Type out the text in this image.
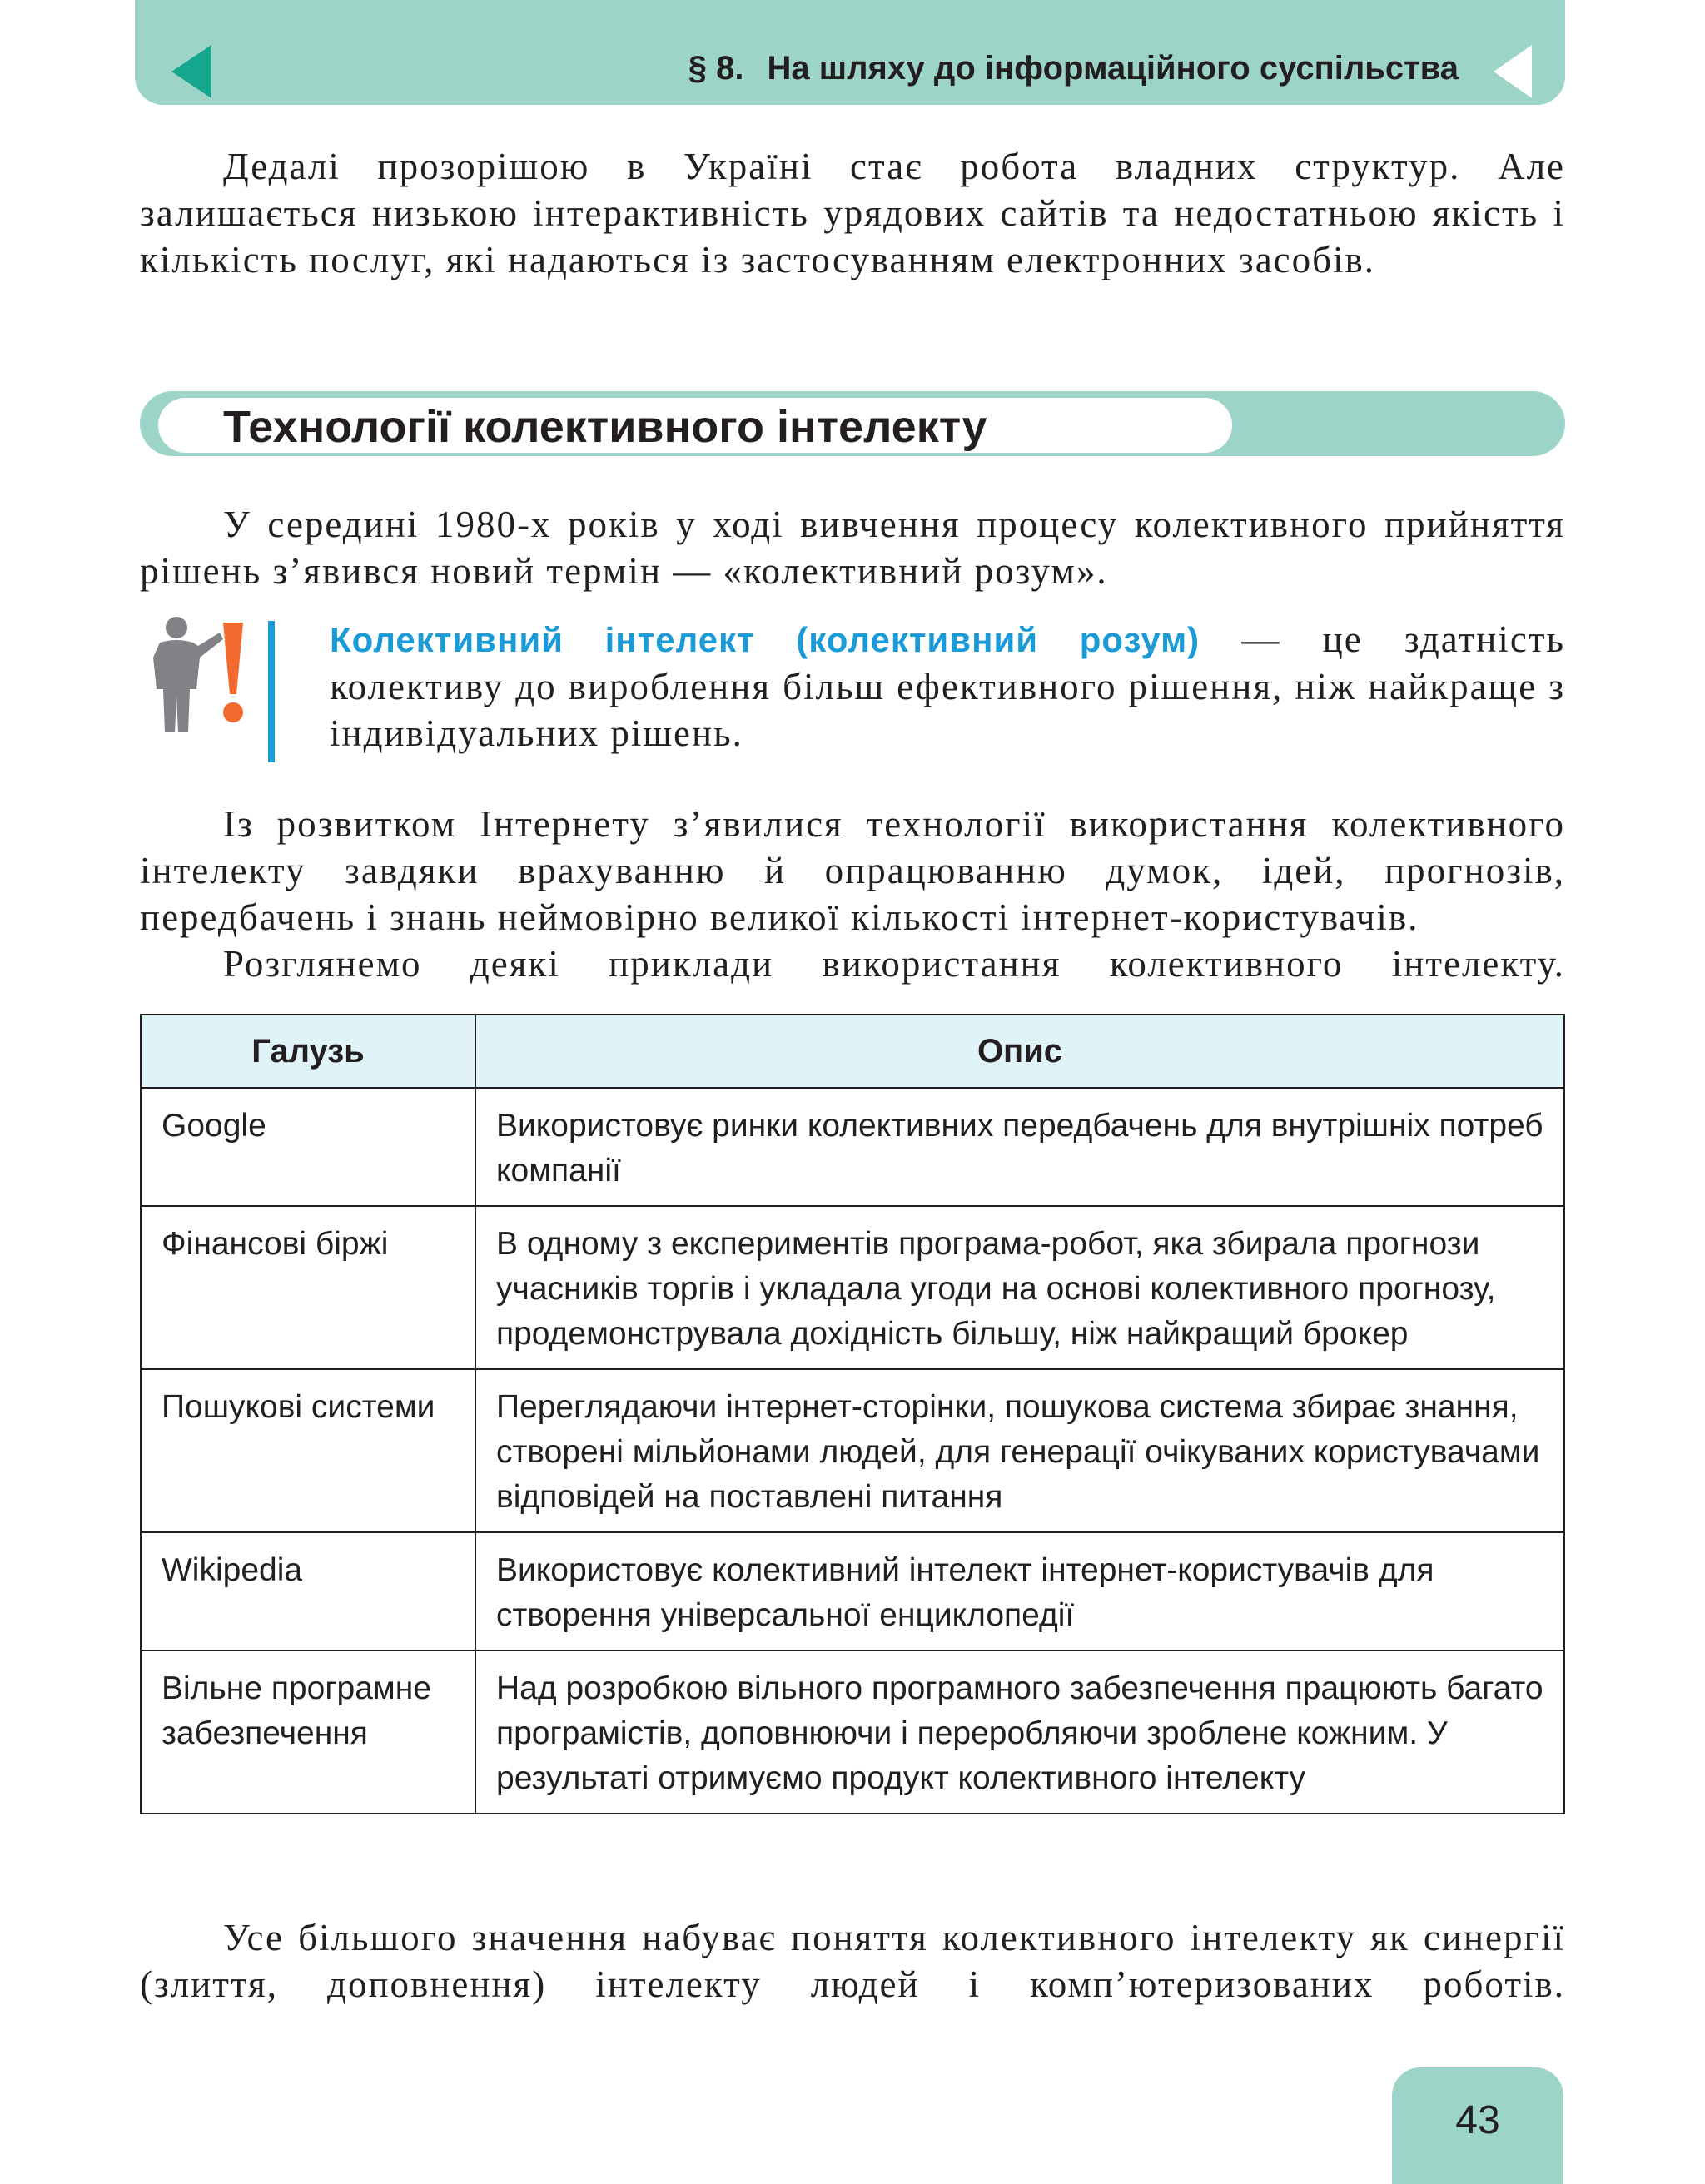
§ 8. На шляху до інформаційного суспільства

Дедалі прозорішою в Україні стає робота владних структур. Але залишається низькою інтерактивність урядових сайтів та недостатньою якість і кількість послуг, які надаються із застосуванням електронних засобів.

Технології колективного інтелекту

У середині 1980-х років у ході вивчення процесу колективного прийняття рішень з’явився новий термін — «колективний розум».

Колективний інтелект (колективний розум) — це здатність колективу до вироблення більш ефективного рішення, ніж найкраще з індивідуальних рішень.

Із розвитком Інтернету з’явилися технології використання колективного інтелекту завдяки врахуванню й опрацюванню думок, ідей, прогнозів, передбачень і знань неймовірно великої кількості інтернет-користувачів.

Розглянемо деякі приклади використання колективного інтелекту.

Галузь	Опис
Google	Використовує ринки колективних передбачень для внутрішніх потреб компанії
Фінансові біржі	В одному з експериментів програма-робот, яка збирала прогнози учасників торгів і укладала угоди на основі колективного прогнозу, продемонструвала дохідність більшу, ніж найкращий брокер
Пошукові системи	Переглядаючи інтернет-сторінки, пошукова система збирає знання, створені мільйонами людей, для генерації очікуваних користувачами відповідей на поставлені питання
Wikipedia	Використовує колективний інтелект інтернет-користувачів для створення універсальної енциклопедії
Вільне програмне забезпечення	Над розробкою вільного програмного забезпечення працюють багато програмістів, доповнюючи і переробляючи зроблене кожним. У результаті отримуємо продукт колективного інтелекту

Усе більшого значення набуває поняття колективного інтелекту як синергії (злиття, доповнення) інтелекту людей і комп’ютеризованих роботів.

43
